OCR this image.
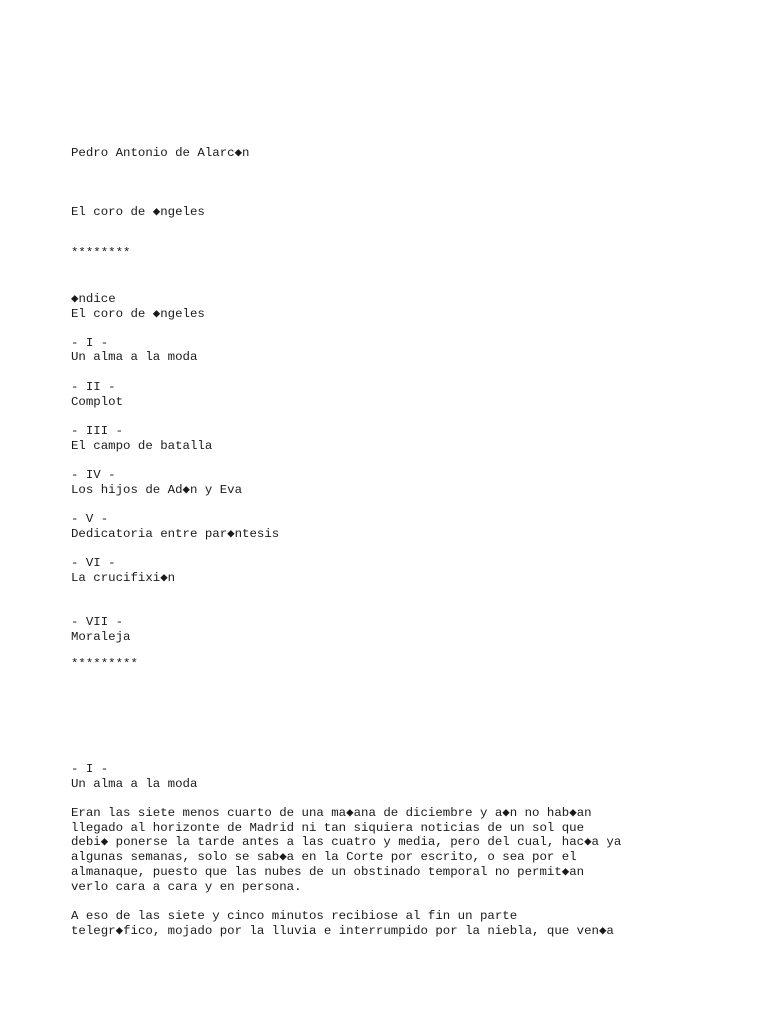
Pedro Antonio de Alarc◆n
El coro de ◆ngeles
********
◆ndice
El coro de ◆ngeles
- I -
Un alma a la moda
- II -
Complot
- III -
El campo de batalla
- IV -
Los hijos de Ad◆n y Eva
- V -
Dedicatoria entre par◆ntesis
- VI -
La crucifixi◆n
- VII -
Moraleja
*********
- I -
Un alma a la moda
Eran las siete menos cuarto de una ma◆ana de diciembre y a◆n no hab◆an
llegado al horizonte de Madrid ni tan siquiera noticias de un sol que
debi◆ ponerse la tarde antes a las cuatro y media, pero del cual, hac◆a ya
algunas semanas, solo se sab◆a en la Corte por escrito, o sea por el
almanaque, puesto que las nubes de un obstinado temporal no permit◆an
verlo cara a cara y en persona.
A eso de las siete y cinco minutos recibiose al fin un parte
telegr◆fico, mojado por la lluvia e interrumpido por la niebla, que ven◆a
